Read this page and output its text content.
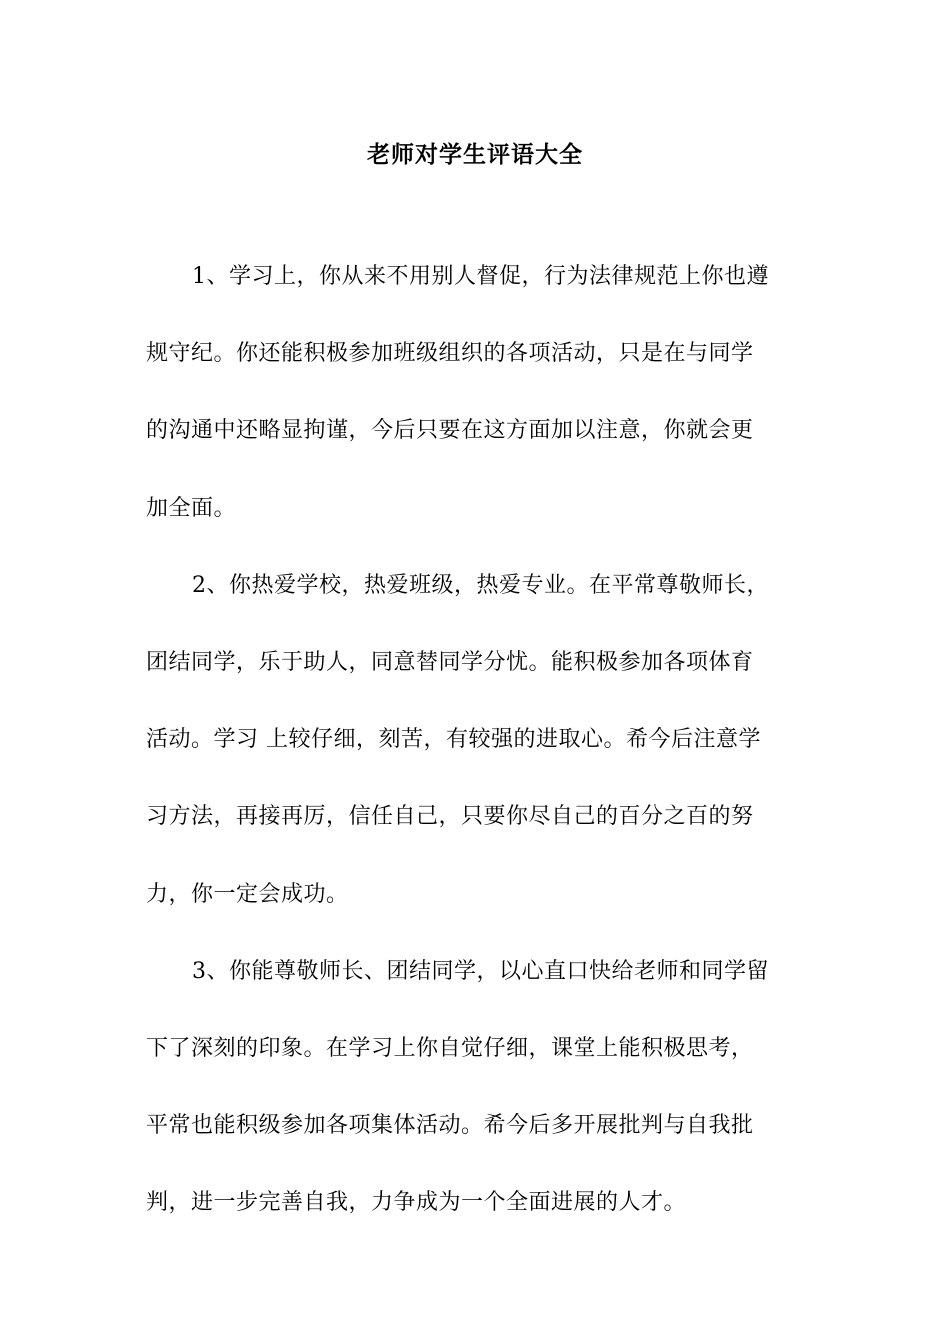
老师对学生评语大全
1、学习上，你从来不用别人督促，行为法律规范上你也遵
规守纪。你还能积极参加班级组织的各项活动，只是在与同学
的沟通中还略显拘谨，今后只要在这方面加以注意，你就会更
加全面。
2、你热爱学校，热爱班级，热爱专业。在平常尊敬师长，
团结同学，乐于助人，同意替同学分忧。能积极参加各项体育
活动。学习 上较仔细，刻苦，有较强的进取心。希今后注意学
习方法，再接再厉，信任自己，只要你尽自己的百分之百的努
力，你一定会成功。
3、你能尊敬师长、团结同学，以心直口快给老师和同学留
下了深刻的印象。在学习上你自觉仔细，课堂上能积极思考，
平常也能积级参加各项集体活动。希今后多开展批判与自我批
判，进一步完善自我，力争成为一个全面进展的人才。
